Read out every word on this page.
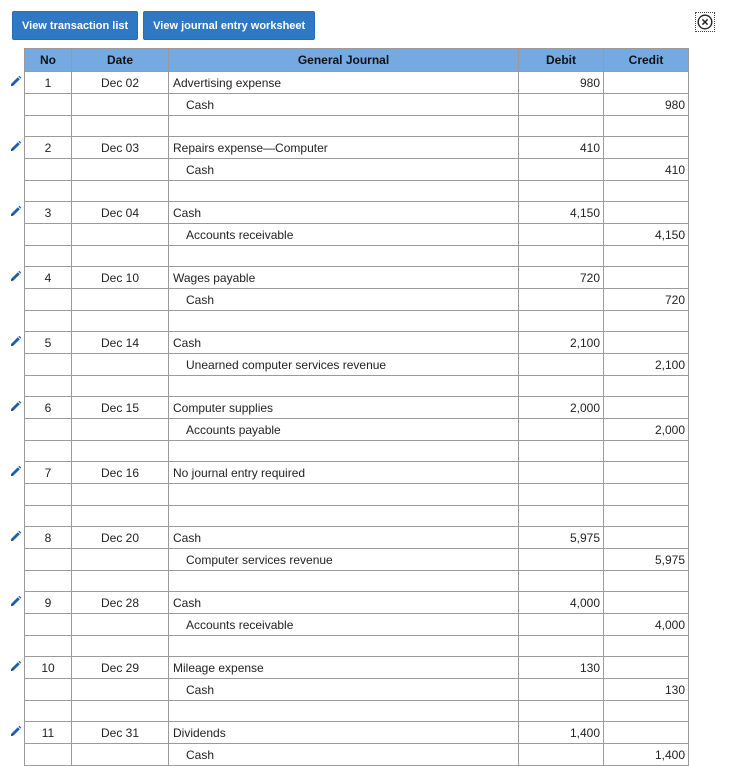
View transaction list	View journal entry worksheet
No	Date	General Journal	Debit	Credit

1	Dec 02	Advertising expense	980	
		Cash		980

2	Dec 03	Repairs expense—Computer	410	
		Cash		410

3	Dec 04	Cash	4,150	
		Accounts receivable		4,150

4	Dec 10	Wages payable	720	
		Cash		720

5	Dec 14	Cash	2,100	
		Unearned computer services revenue		2,100

6	Dec 15	Computer supplies	2,000	
		Accounts payable		2,000

7	Dec 16	No journal entry required		

8	Dec 20	Cash	5,975	
		Computer services revenue		5,975

9	Dec 28	Cash	4,000	
		Accounts receivable		4,000

10	Dec 29	Mileage expense	130	
		Cash		130

11	Dec 31	Dividends	1,400	
		Cash		1,400
